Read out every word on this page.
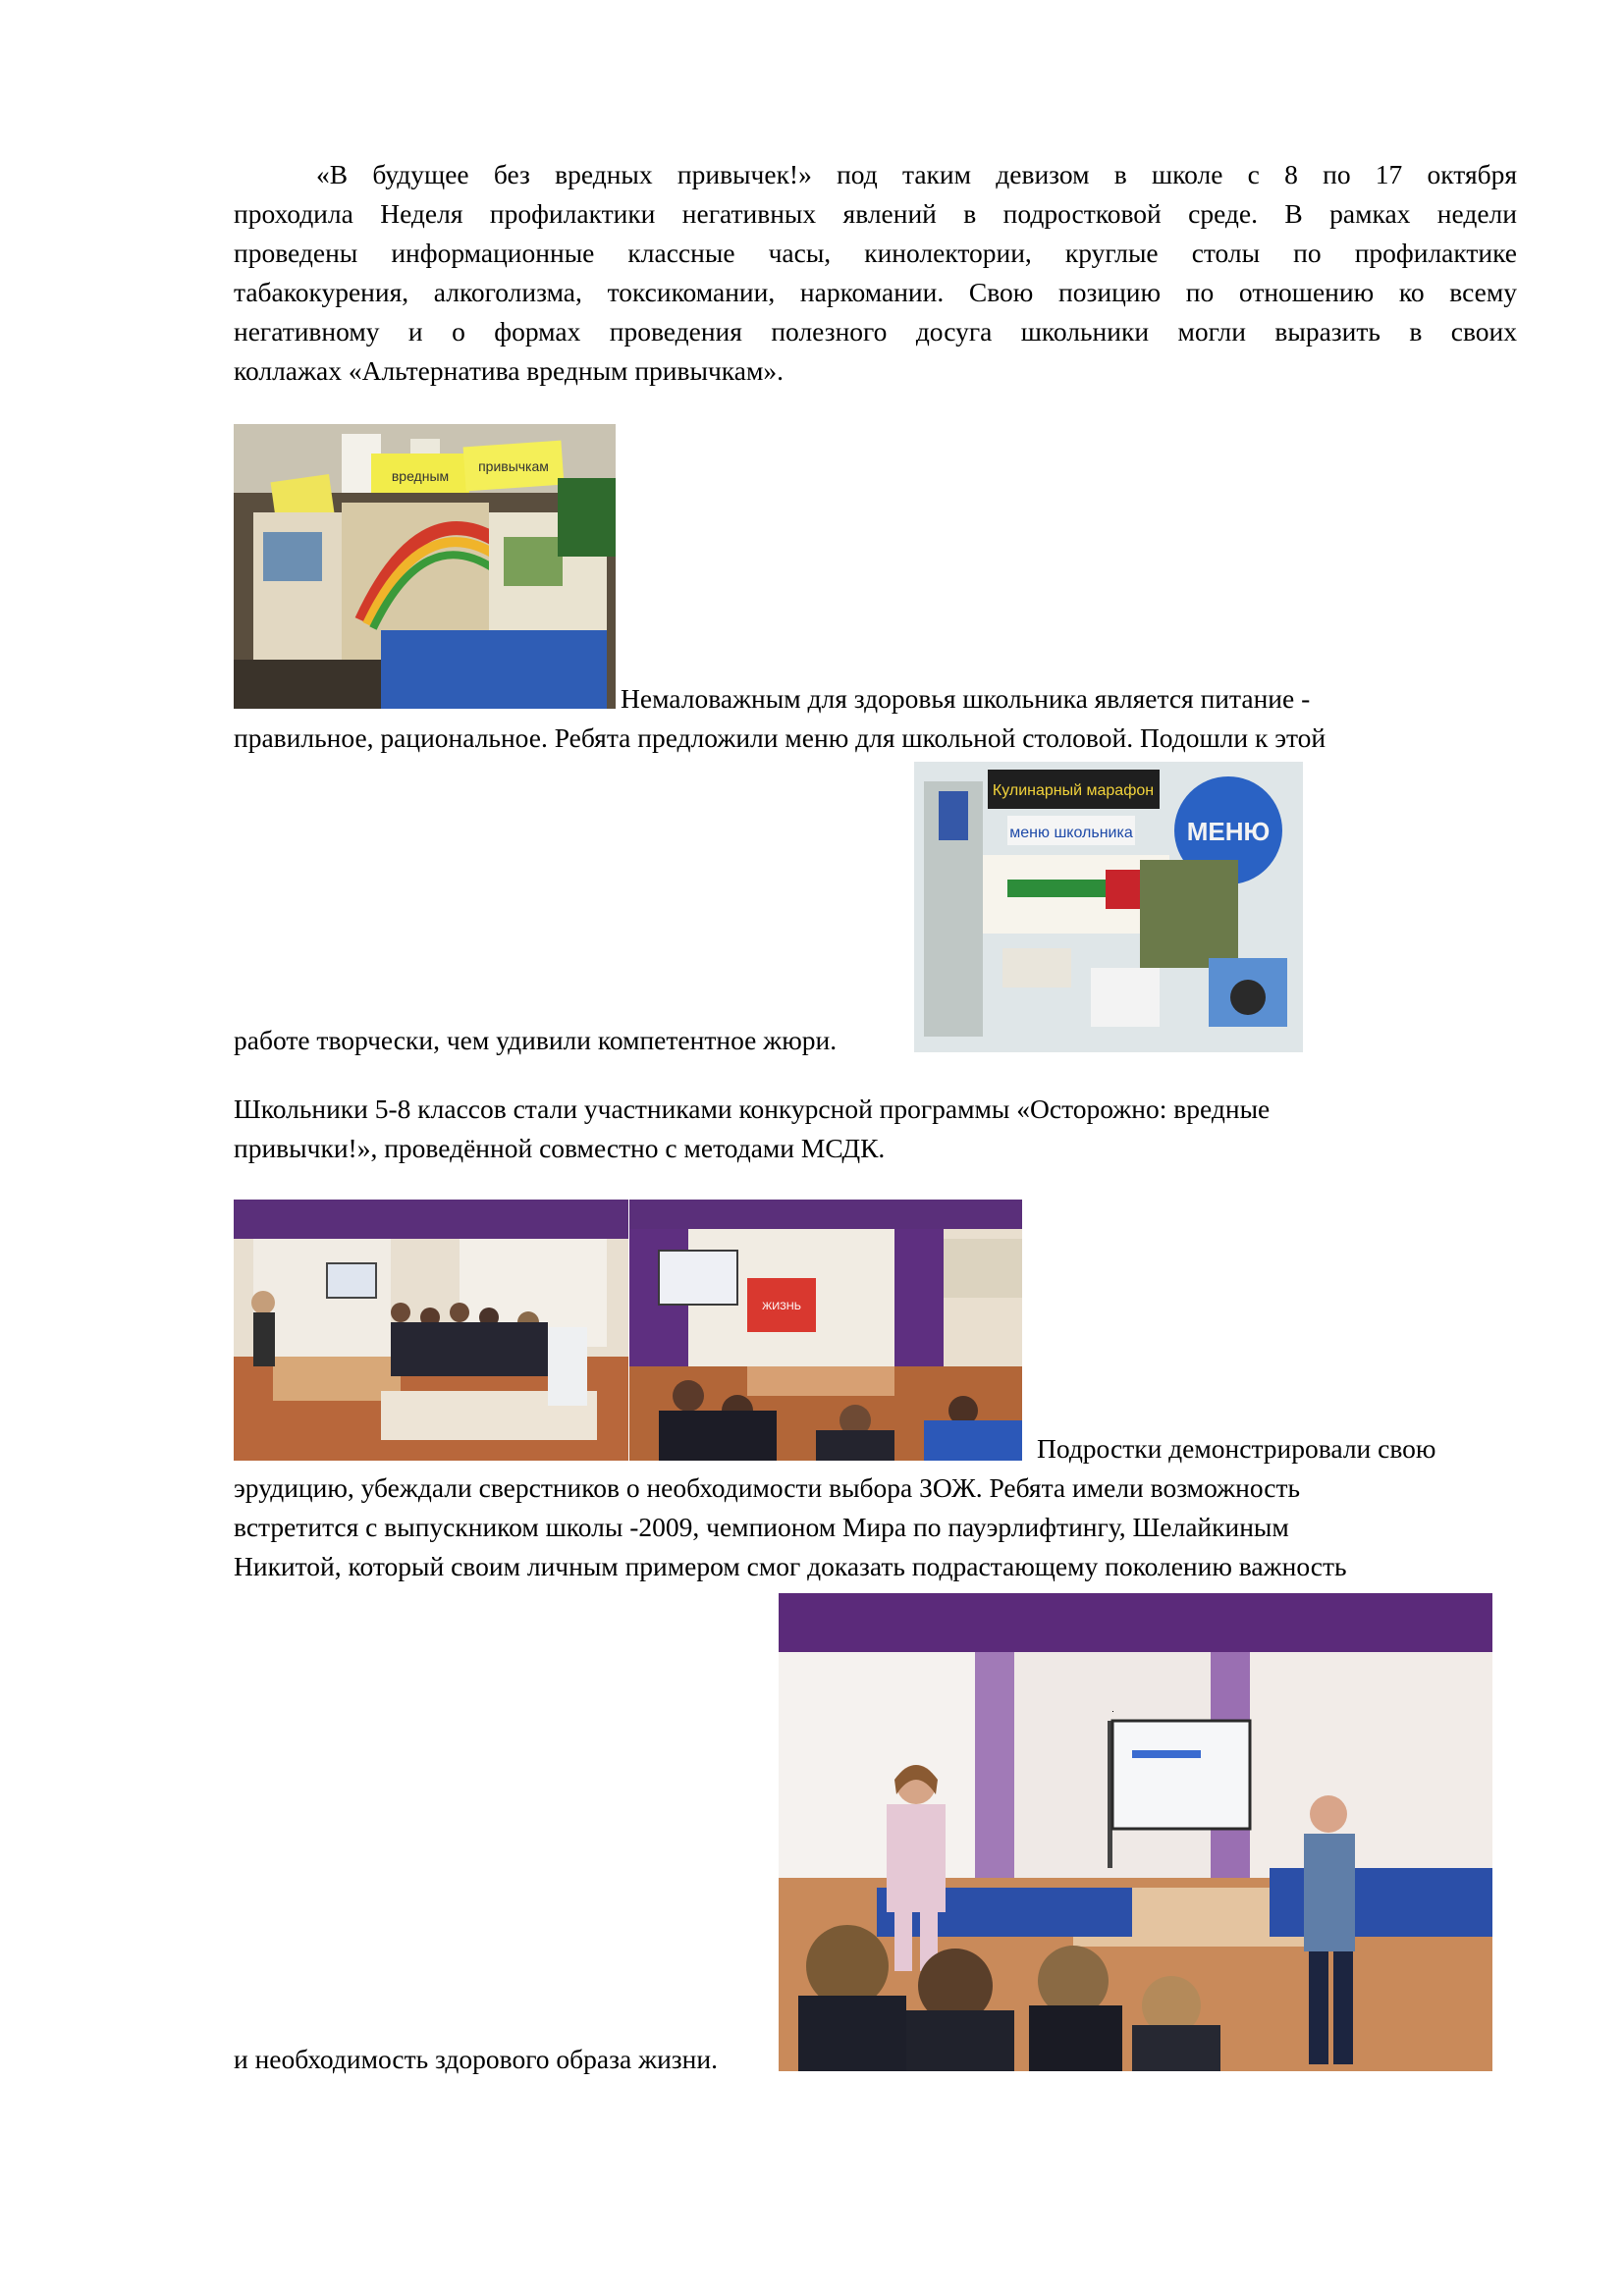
«В будущее без вредных привычек!» под таким девизом в школе с 8 по 17 октября
проходила Неделя профилактики негативных явлений в подростковой среде. В рамках недели
проведены информационные классные часы, кинолектории, круглые столы по профилактике
табакокурения, алкоголизма, токсикомании, наркомании. Свою позицию по отношению ко всему
негативному и о формах проведения полезного досуга школьники могли выразить в своих
коллажах «Альтернатива вредным привычкам».
вредным
привычкам
Немаловажным для здоровья школьника является питание -
правильное, рациональное. Ребята предложили меню для школьной столовой. Подошли к этой
Кулинарный марафон
меню школьника МЕНЮ
работе творчески, чем удивили компетентное жюри.
Школьники 5-8 классов стали участниками конкурсной программы «Осторожно: вредные
привычки!», проведённой совместно с методами МСДК.
ЖИЗНЬ
Подростки демонстрировали свою
эрудицию, убеждали сверстников о необходимости выбора ЗОЖ. Ребята имели возможность
встретится с выпускником школы -2009, чемпионом Мира по пауэрлифтингу, Шелайкиным
Никитой, который своим личным примером смог доказать подрастающему поколению важность
и необходимость здорового образа жизни.
